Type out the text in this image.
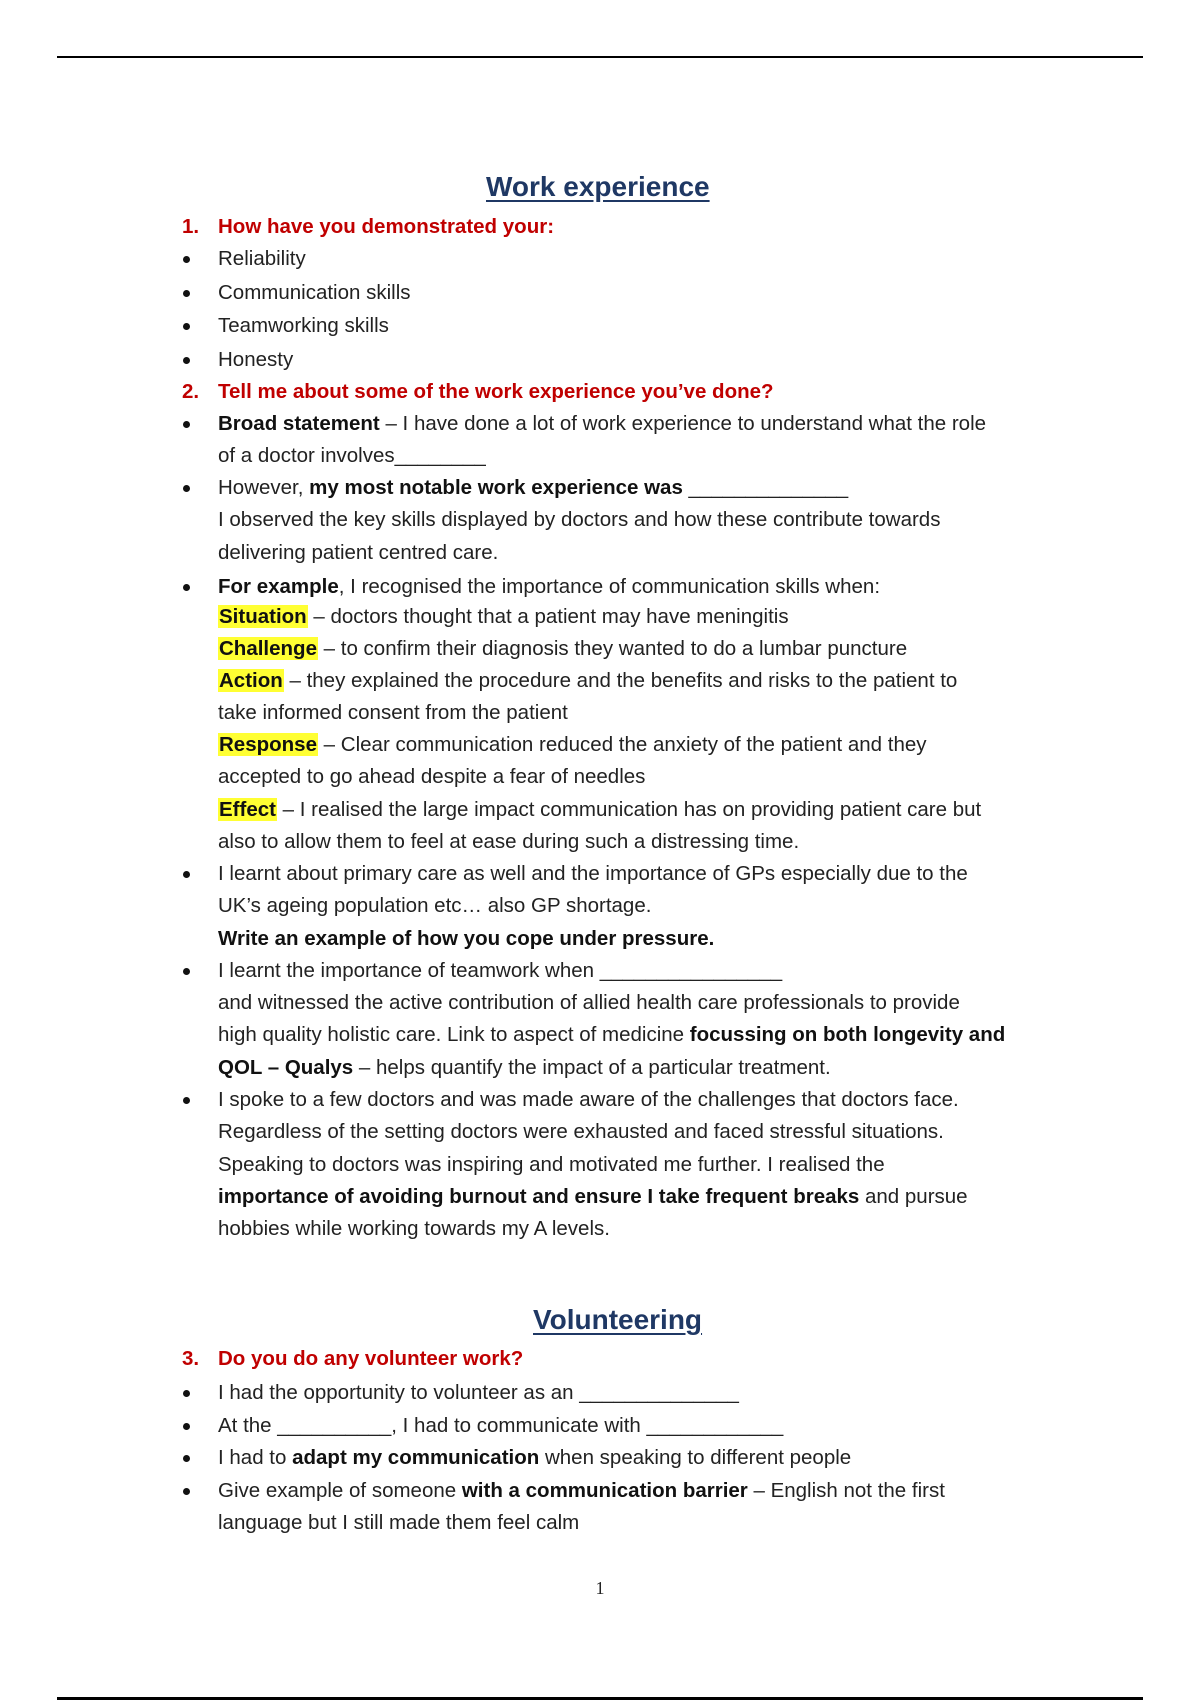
Work experience
1. How have you demonstrated your:
Reliability
Communication skills
Teamworking skills
Honesty
2. Tell me about some of the work experience you’ve done?
Broad statement – I have done a lot of work experience to understand what the role
of a doctor involves________
However, my most notable work experience was ______________
I observed the key skills displayed by doctors and how these contribute towards
delivering patient centred care.
For example, I recognised the importance of communication skills when:
Situation – doctors thought that a patient may have meningitis
Challenge – to confirm their diagnosis they wanted to do a lumbar puncture
Action – they explained the procedure and the benefits and risks to the patient to
take informed consent from the patient
Response – Clear communication reduced the anxiety of the patient and they
accepted to go ahead despite a fear of needles
Effect – I realised the large impact communication has on providing patient care but
also to allow them to feel at ease during such a distressing time.
I learnt about primary care as well and the importance of GPs especially due to the
UK’s ageing population etc… also GP shortage.
Write an example of how you cope under pressure.
I learnt the importance of teamwork when ________________
and witnessed the active contribution of allied health care professionals to provide
high quality holistic care. Link to aspect of medicine focussing on both longevity and
QOL – Qualys – helps quantify the impact of a particular treatment.
I spoke to a few doctors and was made aware of the challenges that doctors face.
Regardless of the setting doctors were exhausted and faced stressful situations.
Speaking to doctors was inspiring and motivated me further. I realised the
importance of avoiding burnout and ensure I take frequent breaks and pursue
hobbies while working towards my A levels.
Volunteering
3. Do you do any volunteer work?
I had the opportunity to volunteer as an ______________
At the __________, I had to communicate with ____________
I had to adapt my communication when speaking to different people
Give example of someone with a communication barrier – English not the first
language but I still made them feel calm
1
